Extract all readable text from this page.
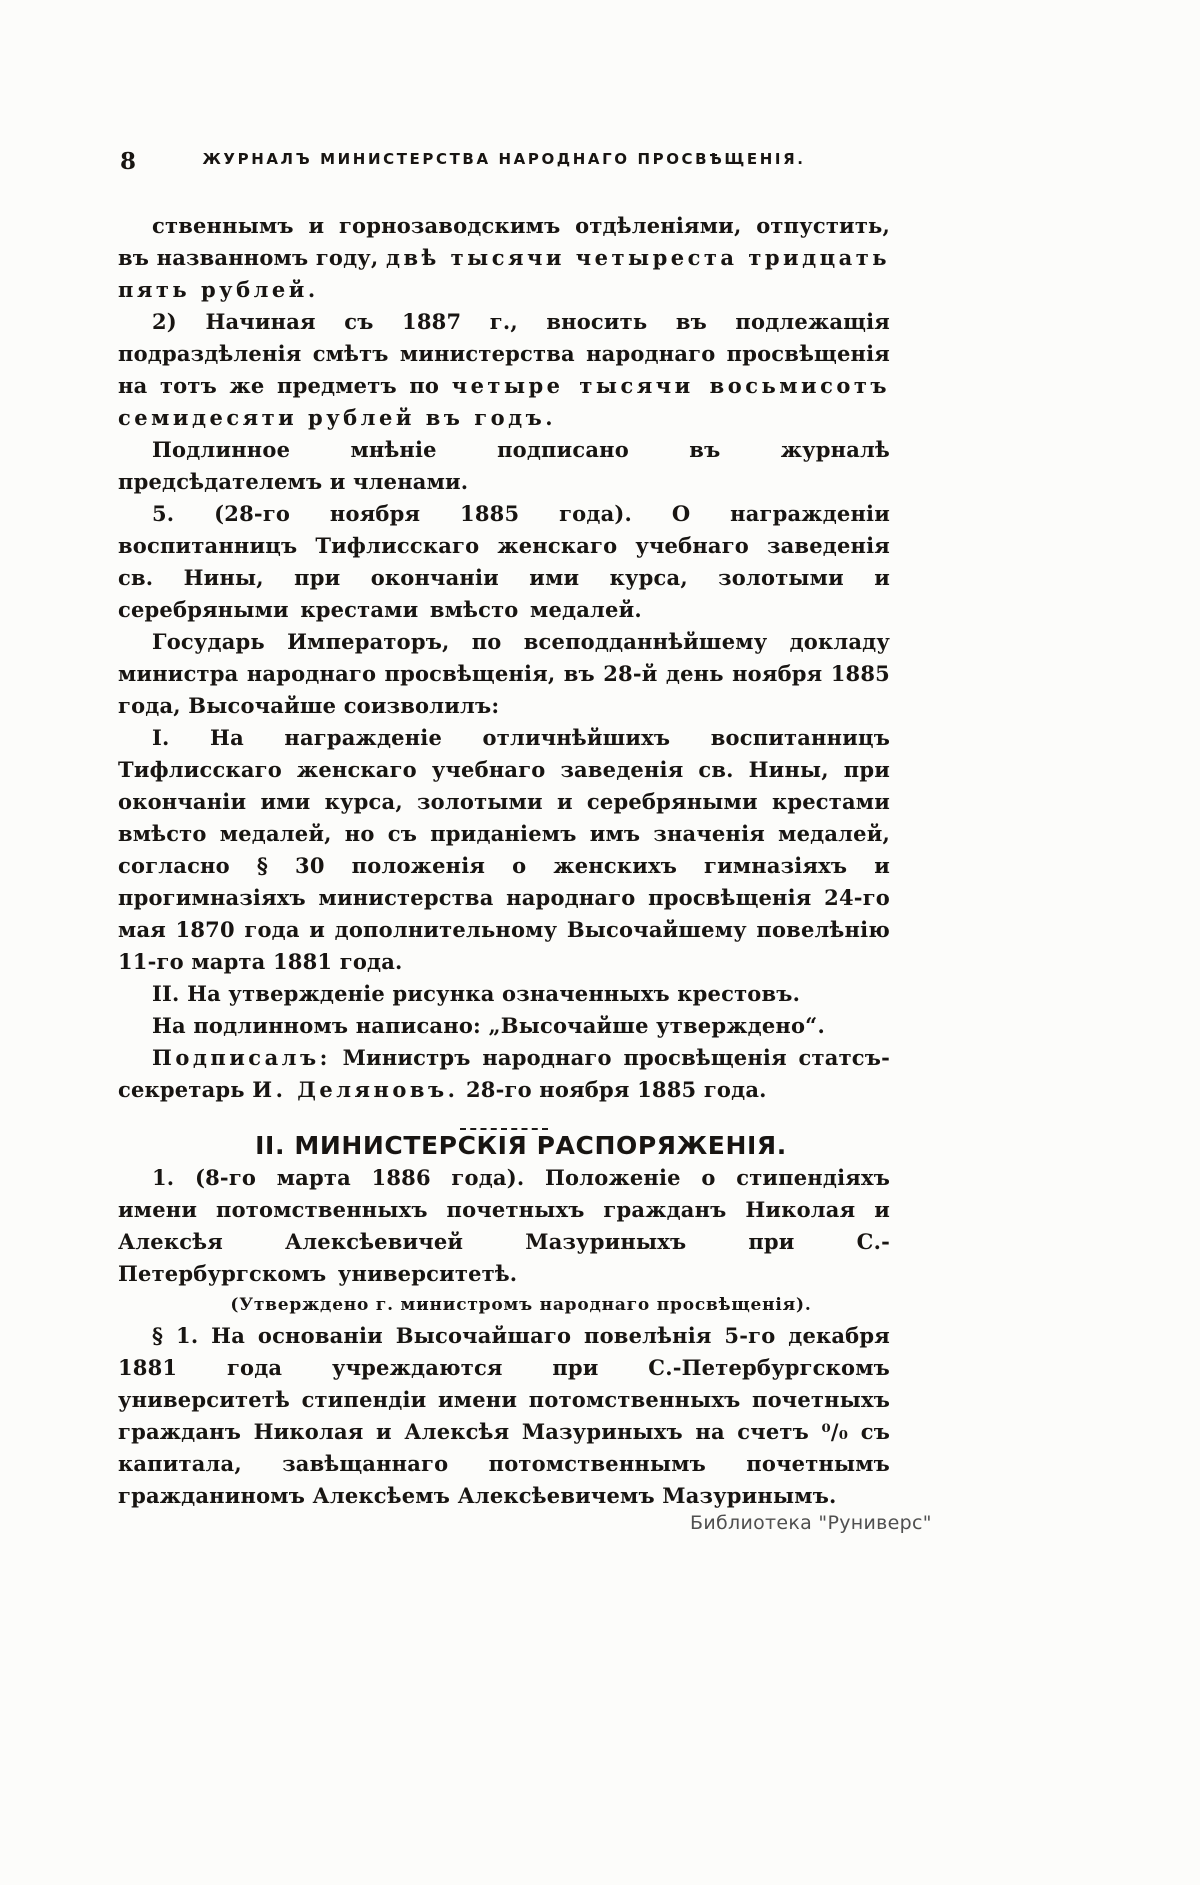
8	ЖУРНАЛЪ МИНИСТЕРСТВА НАРОДНАГО ПРОСВѢЩЕНІЯ.

ственнымъ и горнозаводскимъ отдѣленіями, отпустить, въ названномъ году, двѣ тысячи четыреста тридцать пять рублей.

2) Начиная съ 1887 г., вносить въ подлежащія подраздѣленія смѣтъ министерства народнаго просвѣщенія на тотъ же предметъ по четыре тысячи восьмисотъ семидесяти рублей въ годъ.

Подлинное мнѣніе подписано въ журналѣ предсѣдателемъ и членами.

5. (28-го ноября 1885 года). О награжденіи воспитанницъ Тифлисскаго женскаго учебнаго заведенія св. Нины, при окончаніи ими курса, золотыми и серебряными крестами вмѣсто медалей.

Государь Императоръ, по всеподданнѣйшему докладу министра народнаго просвѣщенія, въ 28-й день ноября 1885 года, Высочайше соизволилъ:

I. На награжденіе отличнѣйшихъ воспитанницъ Тифлисскаго женскаго учебнаго заведенія св. Нины, при окончаніи ими курса, золотыми и серебряными крестами вмѣсто медалей, но съ приданіемъ имъ значенія медалей, согласно § 30 положенія о женскихъ гимназіяхъ и прогимназіяхъ министерства народнаго просвѣщенія 24-го мая 1870 года и дополнительному Высочайшему повелѣнію 11-го марта 1881 года.

II. На утвержденіе рисунка означенныхъ крестовъ.

На подлинномъ написано: „Высочайше утверждено“.

Подписалъ: Министръ народнаго просвѣщенія статсъ-секретарь И. Деляновъ. 28-го ноября 1885 года.

II. МИНИСТЕРСКІЯ РАСПОРЯЖЕНІЯ.

1. (8-го марта 1886 года). Положеніе о стипендіяхъ имени потомственныхъ почетныхъ гражданъ Николая и Алексѣя Алексѣевичей Мазуриныхъ при С.-Петербургскомъ университетѣ.

(Утверждено г. министромъ народнаго просвѣщенія).

§ 1. На основаніи Высочайшаго повелѣнія 5-го декабря 1881 года учреждаются при С.-Петербургскомъ университетѣ стипендіи имени потомственныхъ почетныхъ гражданъ Николая и Алексѣя Мазуриныхъ на счетъ ⁰/₀ съ капитала, завѣщаннаго потомственнымъ почетнымъ гражданиномъ Алексѣемъ Алексѣевичемъ Мазуринымъ.

Библиотека "Руниверс"
